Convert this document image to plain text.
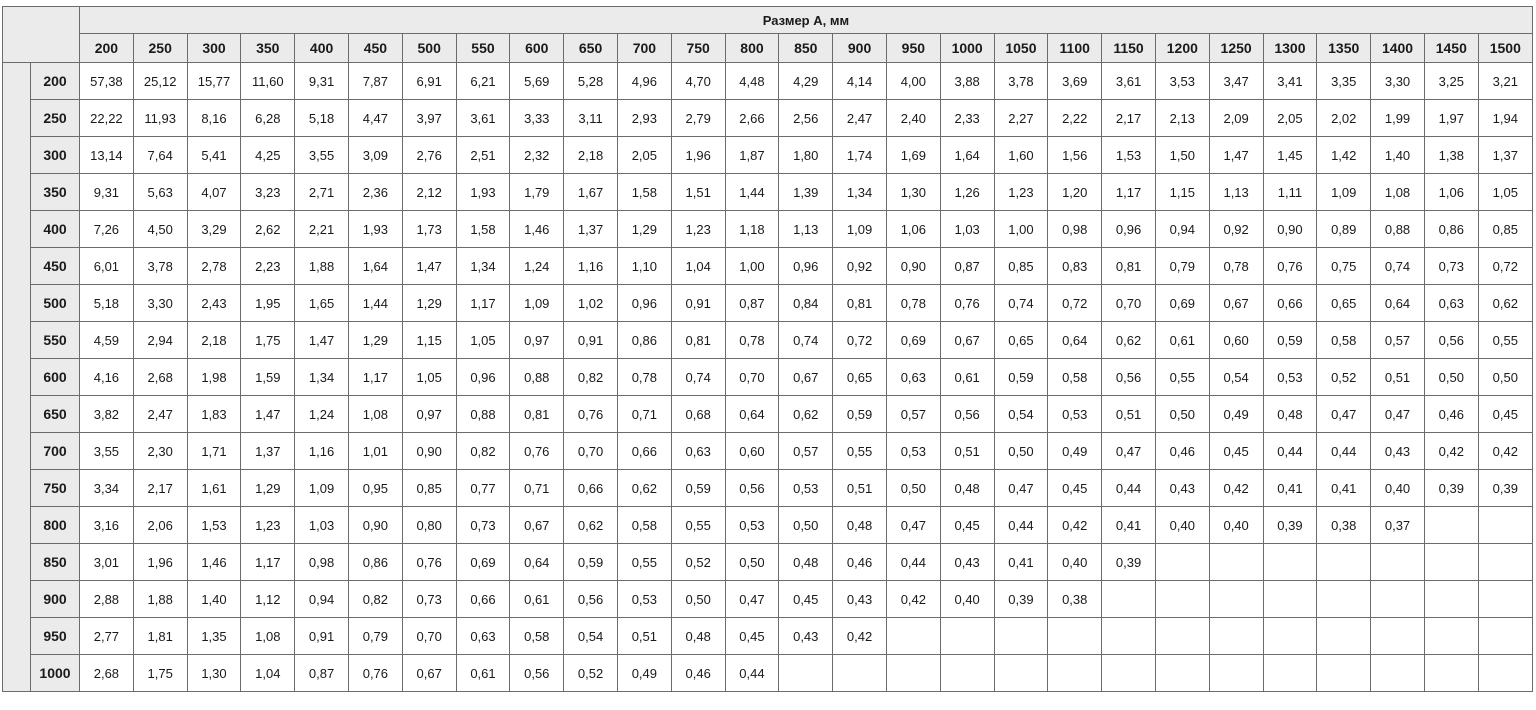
		Размер А, мм																										
		200	250	300	350	400	450	500	550	600	650	700	750	800	850	900	950	1000	1050	1100	1150	1200	1250	1300	1350	1400	1450	1500
	200	57,38	25,12	15,77	11,60	9,31	7,87	6,91	6,21	5,69	5,28	4,96	4,70	4,48	4,29	4,14	4,00	3,88	3,78	3,69	3,61	3,53	3,47	3,41	3,35	3,30	3,25	3,21
	250	22,22	11,93	8,16	6,28	5,18	4,47	3,97	3,61	3,33	3,11	2,93	2,79	2,66	2,56	2,47	2,40	2,33	2,27	2,22	2,17	2,13	2,09	2,05	2,02	1,99	1,97	1,94
	300	13,14	7,64	5,41	4,25	3,55	3,09	2,76	2,51	2,32	2,18	2,05	1,96	1,87	1,80	1,74	1,69	1,64	1,60	1,56	1,53	1,50	1,47	1,45	1,42	1,40	1,38	1,37
	350	9,31	5,63	4,07	3,23	2,71	2,36	2,12	1,93	1,79	1,67	1,58	1,51	1,44	1,39	1,34	1,30	1,26	1,23	1,20	1,17	1,15	1,13	1,11	1,09	1,08	1,06	1,05
	400	7,26	4,50	3,29	2,62	2,21	1,93	1,73	1,58	1,46	1,37	1,29	1,23	1,18	1,13	1,09	1,06	1,03	1,00	0,98	0,96	0,94	0,92	0,90	0,89	0,88	0,86	0,85
	450	6,01	3,78	2,78	2,23	1,88	1,64	1,47	1,34	1,24	1,16	1,10	1,04	1,00	0,96	0,92	0,90	0,87	0,85	0,83	0,81	0,79	0,78	0,76	0,75	0,74	0,73	0,72
	500	5,18	3,30	2,43	1,95	1,65	1,44	1,29	1,17	1,09	1,02	0,96	0,91	0,87	0,84	0,81	0,78	0,76	0,74	0,72	0,70	0,69	0,67	0,66	0,65	0,64	0,63	0,62
	550	4,59	2,94	2,18	1,75	1,47	1,29	1,15	1,05	0,97	0,91	0,86	0,81	0,78	0,74	0,72	0,69	0,67	0,65	0,64	0,62	0,61	0,60	0,59	0,58	0,57	0,56	0,55
	600	4,16	2,68	1,98	1,59	1,34	1,17	1,05	0,96	0,88	0,82	0,78	0,74	0,70	0,67	0,65	0,63	0,61	0,59	0,58	0,56	0,55	0,54	0,53	0,52	0,51	0,50	0,50
	650	3,82	2,47	1,83	1,47	1,24	1,08	0,97	0,88	0,81	0,76	0,71	0,68	0,64	0,62	0,59	0,57	0,56	0,54	0,53	0,51	0,50	0,49	0,48	0,47	0,47	0,46	0,45
	700	3,55	2,30	1,71	1,37	1,16	1,01	0,90	0,82	0,76	0,70	0,66	0,63	0,60	0,57	0,55	0,53	0,51	0,50	0,49	0,47	0,46	0,45	0,44	0,44	0,43	0,42	0,42
	750	3,34	2,17	1,61	1,29	1,09	0,95	0,85	0,77	0,71	0,66	0,62	0,59	0,56	0,53	0,51	0,50	0,48	0,47	0,45	0,44	0,43	0,42	0,41	0,41	0,40	0,39	0,39
	800	3,16	2,06	1,53	1,23	1,03	0,90	0,80	0,73	0,67	0,62	0,58	0,55	0,53	0,50	0,48	0,47	0,45	0,44	0,42	0,41	0,40	0,40	0,39	0,38	0,37		
	850	3,01	1,96	1,46	1,17	0,98	0,86	0,76	0,69	0,64	0,59	0,55	0,52	0,50	0,48	0,46	0,44	0,43	0,41	0,40	0,39							
	900	2,88	1,88	1,40	1,12	0,94	0,82	0,73	0,66	0,61	0,56	0,53	0,50	0,47	0,45	0,43	0,42	0,40	0,39	0,38								
	950	2,77	1,81	1,35	1,08	0,91	0,79	0,70	0,63	0,58	0,54	0,51	0,48	0,45	0,43	0,42												
	1000	2,68	1,75	1,30	1,04	0,87	0,76	0,67	0,61	0,56	0,52	0,49	0,46	0,44														
